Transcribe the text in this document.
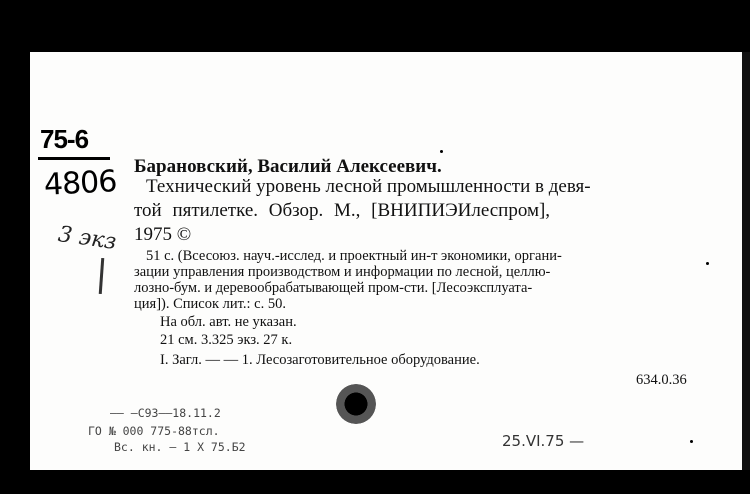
75-6
4806
3 экз
Барановский, Василий Алексеевич.
Технический уровень лесной промышленности в девя-
той пятилетке. Обзор. М., [ВНИПИЭИлеспром],
1975 ©
51 с. (Всесоюз. науч.-исслед. и проектный ин-т экономики, органи-
зации управления производством и информации по лесной, целлю-
лозно-бум. и деревообрабатывающей пром-сти. [Лесоэксплуата-
ция]). Список лит.: с. 50.
На обл. авт. не указан.
21 см. 3.325 экз. 27 к.
I. Загл. — — 1. Лесозаготовительное оборудование.
634.0.36
—— —С93——18.11.2
ГО № 000 775-88тсл.
Вс. кн. — 1 Х 75.Б2	25.VI.75 —
